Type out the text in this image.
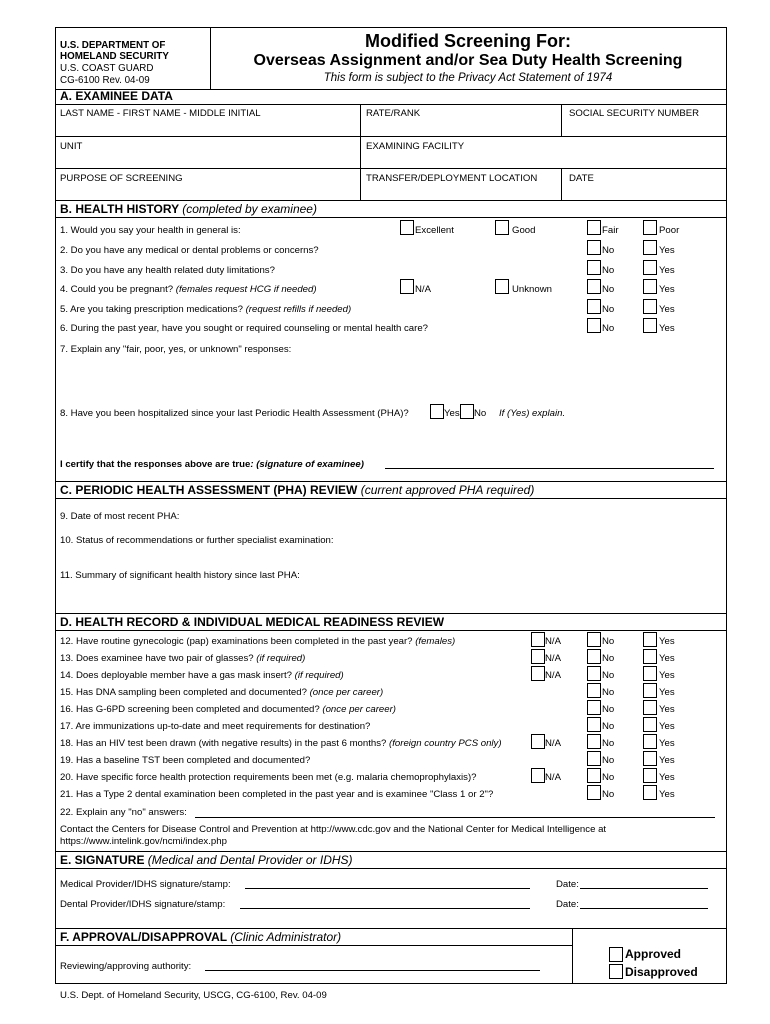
U.S. DEPARTMENT OF
HOMELAND SECURITY
U.S. COAST GUARD
CG-6100 Rev. 04-09
Modified Screening For:
Overseas Assignment and/or Sea Duty Health Screening
This form is subject to the Privacy Act Statement of 1974
A. EXAMINEE DATA
LAST NAME - FIRST NAME - MIDDLE INITIAL	RATE/RANK	SOCIAL SECURITY NUMBER
UNIT	EXAMINING FACILITY
PURPOSE OF SCREENING	TRANSFER/DEPLOYMENT LOCATION	DATE
B. HEALTH HISTORY (completed by examinee)
1. Would you say your health in general is:	Excellent	Good	Fair	Poor
2. Do you have any medical or dental problems or concerns?	No	Yes
3. Do you have any health related duty limitations?	No	Yes
4. Could you be pregnant? (females request HCG if needed)	N/A	Unknown	No	Yes
5. Are you taking prescription medications? (request refills if needed)	No	Yes
6. During the past year, have you sought or required counseling or mental health care?	No	Yes
7. Explain any "fair, poor, yes, or unknown" responses:
8. Have you been hospitalized since your last Periodic Health Assessment (PHA)?	Yes No If (Yes) explain.
I certify that the responses above are true: (signature of examinee)
C. PERIODIC HEALTH ASSESSMENT (PHA) REVIEW (current approved PHA required)
9. Date of most recent PHA:
10. Status of recommendations or further specialist examination:
11. Summary of significant health history since last PHA:
D. HEALTH RECORD & INDIVIDUAL MEDICAL READINESS REVIEW
12. Have routine gynecologic (pap) examinations been completed in the past year? (females)	N/A	No	Yes
13. Does examinee have two pair of glasses? (if required)	N/A	No	Yes
14. Does deployable member have a gas mask insert? (if required)	N/A	No	Yes
15. Has DNA sampling been completed and documented? (once per career)	No	Yes
16. Has G-6PD screening been completed and documented? (once per career)	No	Yes
17. Are immunizations up-to-date and meet requirements for destination?	No	Yes
18. Has an HIV test been drawn (with negative results) in the past 6 months? (foreign country PCS only)	N/A	No	Yes
19. Has a baseline TST been completed and documented?	No	Yes
20. Have specific force health protection requirements been met (e.g. malaria chemoprophylaxis)?	N/A	No	Yes
21. Has a Type 2 dental examination been completed in the past year and is examinee "Class 1 or 2"?	No	Yes
22. Explain any "no" answers:
Contact the Centers for Disease Control and Prevention at http://www.cdc.gov and the National Center for Medical Intelligence at
https://www.intelink.gov/ncmi/index.php
E. SIGNATURE (Medical and Dental Provider or IDHS)
Medical Provider/IDHS signature/stamp:	Date:
Dental Provider/IDHS signature/stamp:	Date:
F. APPROVAL/DISAPPROVAL (Clinic Administrator)
Reviewing/approving authority:
Approved
Disapproved
U.S. Dept. of Homeland Security, USCG, CG-6100, Rev. 04-09
